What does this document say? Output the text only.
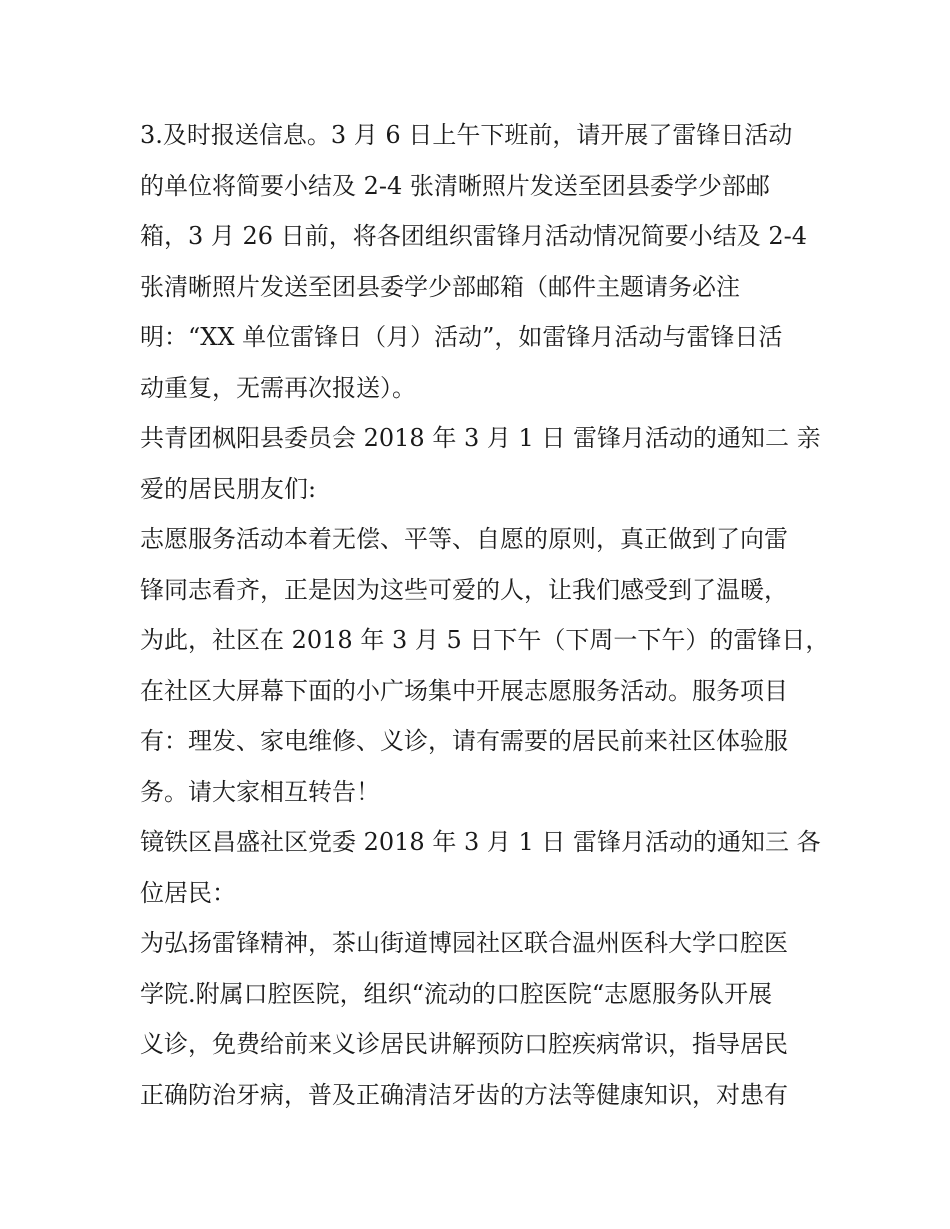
3.及时报送信息。3 月 6 日上午下班前，请开展了雷锋日活动
的单位将简要小结及 2-4 张清晰照片发送至团县委学少部邮
箱，3 月 26 日前，将各团组织雷锋月活动情况简要小结及 2-4
张清晰照片发送至团县委学少部邮箱（邮件主题请务必注
明：“XX 单位雷锋日（月）活动”，如雷锋月活动与雷锋日活
动重复，无需再次报送）。
共青团枫阳县委员会 2018 年 3 月 1 日 雷锋月活动的通知二 亲
爱的居民朋友们:
志愿服务活动本着无偿、平等、自愿的原则，真正做到了向雷
锋同志看齐，正是因为这些可爱的人，让我们感受到了温暖，
为此，社区在 2018 年 3 月 5 日下午（下周一下午）的雷锋日，
在社区大屏幕下面的小广场集中开展志愿服务活动。服务项目
有：理发、家电维修、义诊，请有需要的居民前来社区体验服
务。请大家相互转告！
镜铁区昌盛社区党委 2018 年 3 月 1 日 雷锋月活动的通知三 各
位居民：
为弘扬雷锋精神，茶山街道博园社区联合温州医科大学口腔医
学院.附属口腔医院，组织“流动的口腔医院“志愿服务队开展
义诊，免费给前来义诊居民讲解预防口腔疾病常识，指导居民
正确防治牙病，普及正确清洁牙齿的方法等健康知识，对患有
